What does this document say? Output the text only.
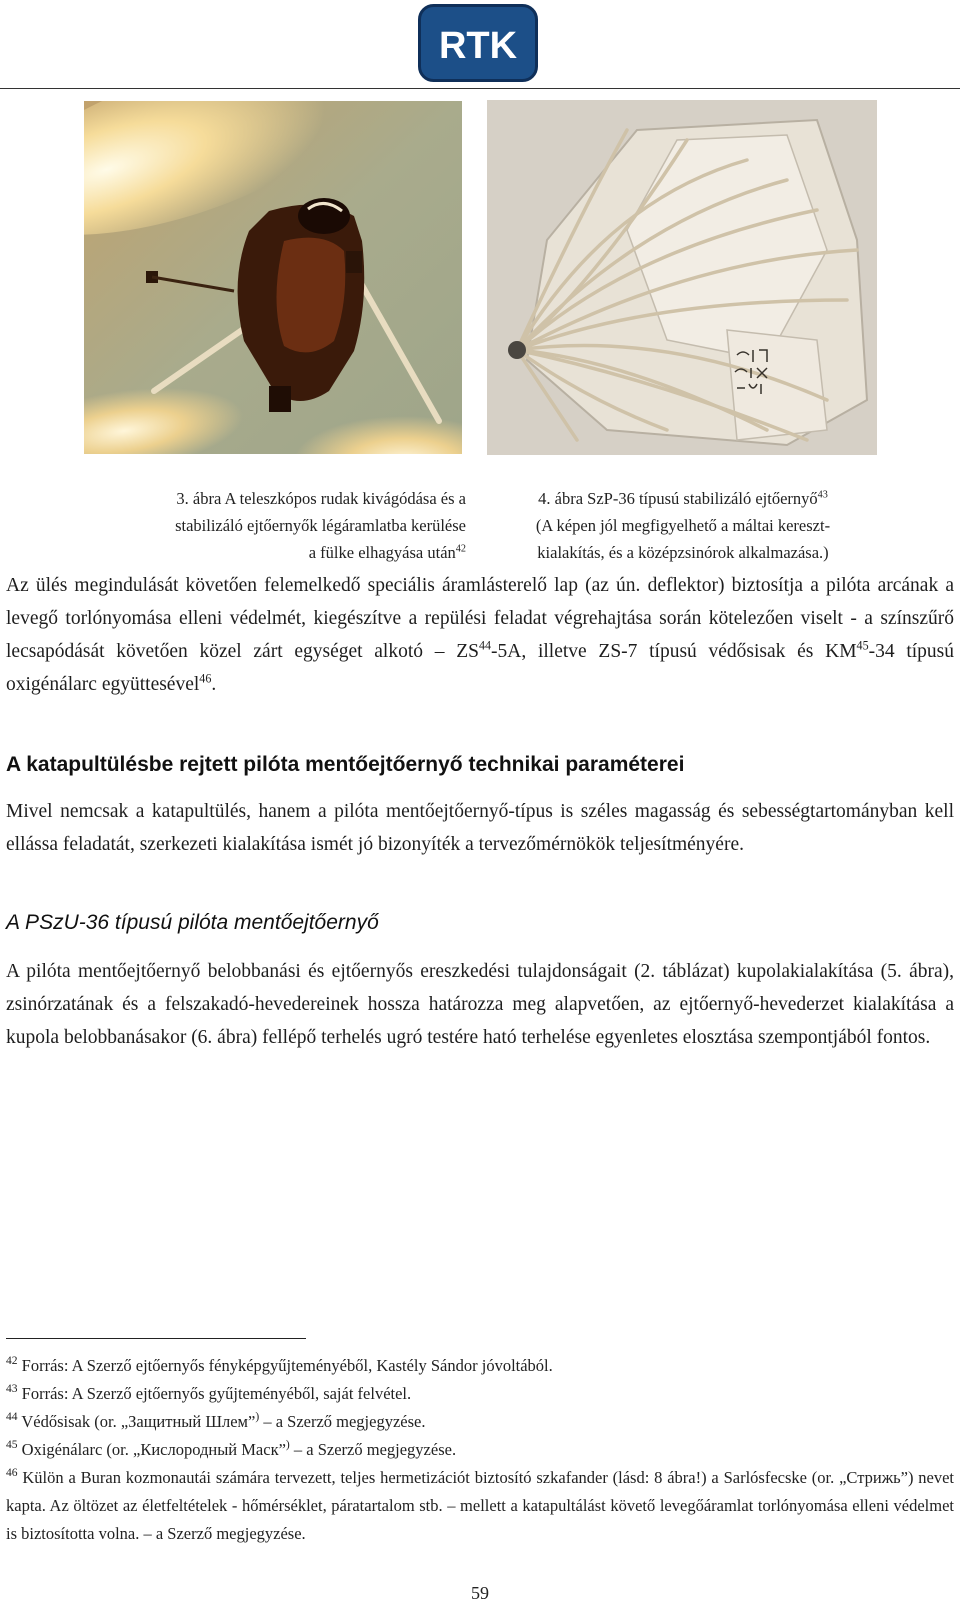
RTK
3. ábra A teleszkópos rudak kivágódása és a
stabilizáló ejtőernyők légáramlatba kerülése
a fülke elhagyása után$^{42}$
4. ábra SzP-36 típusú stabilizáló ejtőernyő$^{43}$
(A képen jól megfigyelhető a máltai kereszt-
kialakítás, és a középzsinórok alkalmazása.)
Az ülés megindulását követően felemelkedő speciális áramlásterelő lap (az ún. deflektor) biztosítja a pilóta arcának a levegő torlónyomása elleni védelmét, kiegészítve a repülési feladat végrehajtása során kötelezően viselt - a színszűrő lecsapódását követően közel zárt egységet alkotó – ZS$^{44}$-5A, illetve ZS-7 típusú védősisak és KM$^{45}$-34 típusú oxigénálarc együttesével$^{46}$.
A katapultülésbe rejtett pilóta mentőejtőernyő technikai paraméterei
Mivel nemcsak a katapultülés, hanem a pilóta mentőejtőernyő-típus is széles magasság és sebességtartományban kell ellássa feladatát, szerkezeti kialakítása ismét jó bizonyíték a tervezőmérnökök teljesítményére.
A PSzU-36 típusú pilóta mentőejtőernyő
A pilóta mentőejtőernyő belobbanási és ejtőernyős ereszkedési tulajdonságait (2. táblázat) kupolakialakítása (5. ábra), zsinórzatának és a felszakadó-hevedereinek hossza határozza meg alapvetően, az ejtőernyő-hevederzet kialakítása a kupola belobbanásakor (6. ábra) fellépő terhelés ugró testére ható terhelése egyenletes elosztása szempontjából fontos.
$^{42}$ Forrás: A Szerző ejtőernyős fényképgyűjteményéből, Kastély Sándor jóvoltából.
$^{43}$ Forrás: A Szerző ejtőernyős gyűjteményéből, saját felvétel.
$^{44}$ Védősisak (or. „Защитный Шлем”) – a Szerző megjegyzése.
$^{45}$ Oxigénálarc (or. „Кислородный Маск”) – a Szerző megjegyzése.
$^{46}$ Külön a Buran kozmonautái számára tervezett, teljes hermetizációt biztosító szkafander (lásd: 8 ábra!) a Sarlósfecske (or. „Стрижь”) nevet kapta. Az öltözet az életfeltételek - hőmérséklet, páratartalom stb. – mellett a katapultálást követő levegőáramlat torlónyomása elleni védelmet is biztosította volna. – a Szerző megjegyzése.
59
